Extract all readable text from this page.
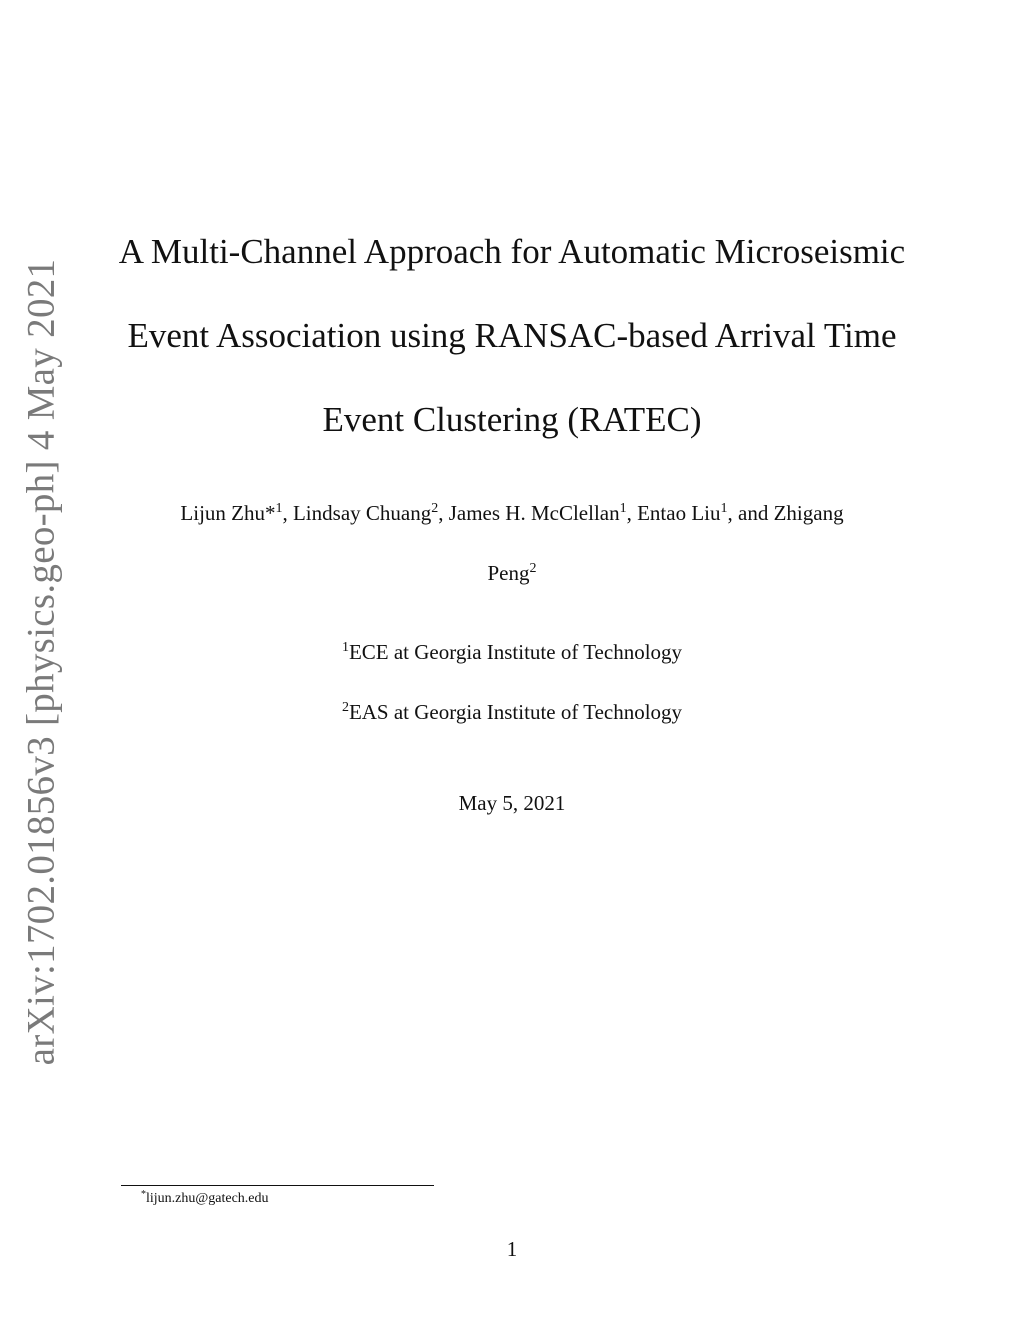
arXiv:1702.01856v3 [physics.geo-ph] 4 May 2021
A Multi-Channel Approach for Automatic Microseismic
Event Association using RANSAC-based Arrival Time
Event Clustering (RATEC)
Lijun Zhu*$^1$, Lindsay Chuang$^2$, James H. McClellan$^1$, Entao Liu$^1$, and Zhigang
Peng$^2$
$^1$ECE at Georgia Institute of Technology
$^2$EAS at Georgia Institute of Technology
May 5, 2021
*lijun.zhu@gatech.edu
1
